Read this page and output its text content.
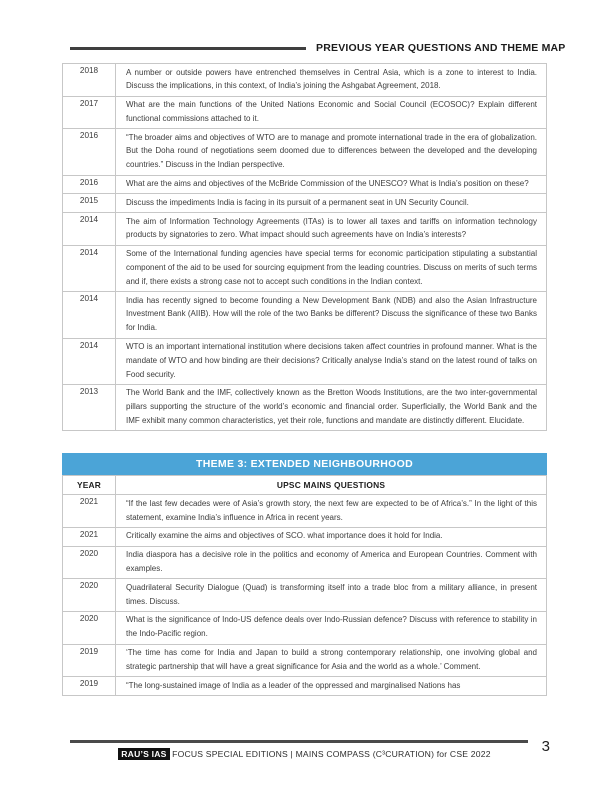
PREVIOUS YEAR QUESTIONS AND THEME MAP
2018	A number or outside powers have entrenched themselves in Central Asia, which is a zone to interest to India. Discuss the implications, in this context, of India’s joining the Ashgabat Agreement, 2018.
2017	What are the main functions of the United Nations Economic and Social Council (ECOSOC)? Explain different functional commissions attached to it.
2016	“The broader aims and objectives of WTO are to manage and promote international trade in the era of globalization. But the Doha round of negotiations seem doomed due to differences between the developed and the developing countries.” Discuss in the Indian perspective.
2016	What are the aims and objectives of the McBride Commission of the UNESCO? What is India’s position on these?
2015	Discuss the impediments India is facing in its pursuit of a permanent seat in UN Security Council.
2014	The aim of Information Technology Agreements (ITAs) is to lower all taxes and tariffs on information technology products by signatories to zero. What impact should such agreements have on India’s interests?
2014	Some of the International funding agencies have special terms for economic participation stipulating a substantial component of the aid to be used for sourcing equipment from the leading countries. Discuss on merits of such terms and if, there exists a strong case not to accept such conditions in the Indian context.
2014	India has recently signed to become founding a New Development Bank (NDB) and also the Asian Infrastructure Investment Bank (AIIB). How will the role of the two Banks be different? Discuss the significance of these two Banks for India.
2014	WTO is an important international institution where decisions taken affect countries in profound manner. What is the mandate of WTO and how binding are their decisions? Critically analyse India’s stand on the latest round of talks on Food security.
2013	The World Bank and the IMF, collectively known as the Bretton Woods Institutions, are the two inter-governmental pillars supporting the structure of the world’s economic and financial order. Superficially, the World Bank and the IMF exhibit many common characteristics, yet their role, functions and mandate are distinctly different. Elucidate.
THEME 3: EXTENDED NEIGHBOURHOOD
YEAR	UPSC MAINS QUESTIONS
2021	“If the last few decades were of Asia’s growth story, the next few are expected to be of Africa’s.” In the light of this statement, examine India’s influence in Africa in recent years.
2021	Critically examine the aims and objectives of SCO. what importance does it hold for India.
2020	India diaspora has a decisive role in the politics and economy of America and European Countries. Comment with examples.
2020	Quadrilateral Security Dialogue (Quad) is transforming itself into a trade bloc from a military alliance, in present times. Discuss.
2020	What is the significance of Indo-US defence deals over Indo-Russian defence? Discuss with reference to stability in the Indo-Pacific region.
2019	‘The time has come for India and Japan to build a strong contemporary relationship, one involving global and strategic partnership that will have a great significance for Asia and the world as a whole.’ Comment.
2019	“The long-sustained image of India as a leader of the oppressed and marginalised Nations has
3
RAU’S IAS FOCUS SPECIAL EDITIONS | MAINS COMPASS (C³CURATION) for CSE 2022
